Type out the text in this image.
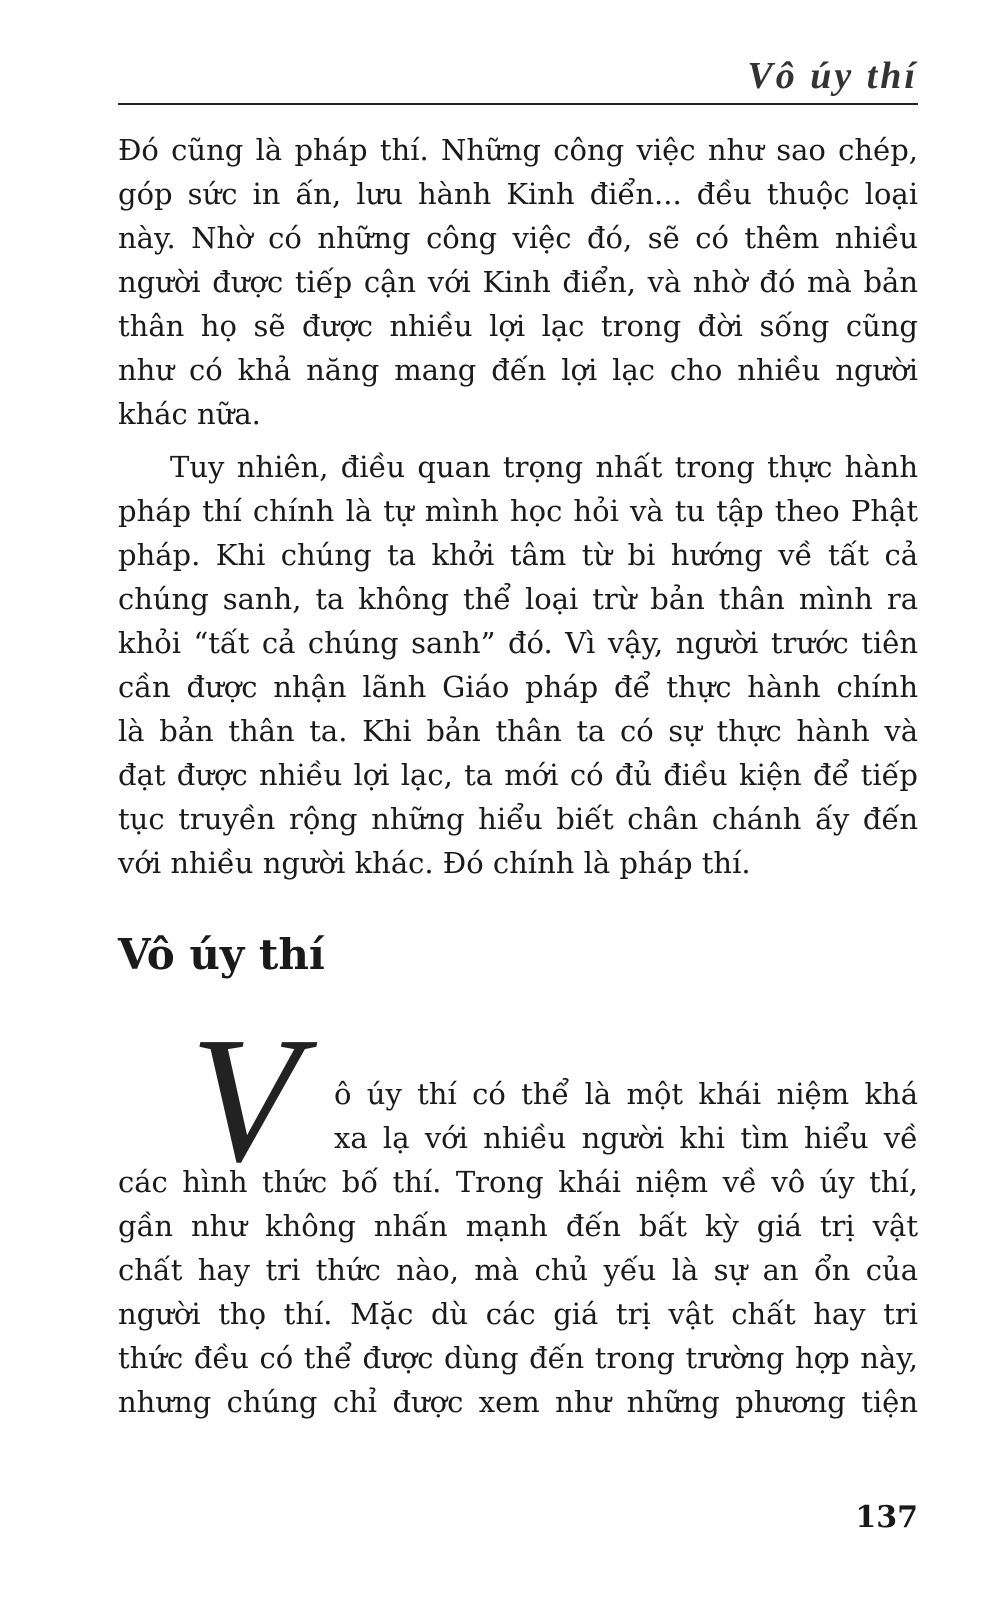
Vô úy thí
Đó cũng là pháp thí. Những công việc như sao chép,
góp sức in ấn, lưu hành Kinh điển... đều thuộc loại
này. Nhờ có những công việc đó, sẽ có thêm nhiều
người được tiếp cận với Kinh điển, và nhờ đó mà bản
thân họ sẽ được nhiều lợi lạc trong đời sống cũng
như có khả năng mang đến lợi lạc cho nhiều người
khác nữa.
Tuy nhiên, điều quan trọng nhất trong thực hành
pháp thí chính là tự mình học hỏi và tu tập theo Phật
pháp. Khi chúng ta khởi tâm từ bi hướng về tất cả
chúng sanh, ta không thể loại trừ bản thân mình ra
khỏi “tất cả chúng sanh” đó. Vì vậy, người trước tiên
cần được nhận lãnh Giáo pháp để thực hành chính
là bản thân ta. Khi bản thân ta có sự thực hành và
đạt được nhiều lợi lạc, ta mới có đủ điều kiện để tiếp
tục truyền rộng những hiểu biết chân chánh ấy đến
với nhiều người khác. Đó chính là pháp thí.
Vô úy thí
V	ô úy thí có thể là một khái niệm khá
xa lạ với nhiều người khi tìm hiểu về
các hình thức bố thí. Trong khái niệm về vô úy thí,
gần như không nhấn mạnh đến bất kỳ giá trị vật
chất hay tri thức nào, mà chủ yếu là sự an ổn của
người thọ thí. Mặc dù các giá trị vật chất hay tri
thức đều có thể được dùng đến trong trường hợp này,
nhưng chúng chỉ được xem như những phương tiện
137
